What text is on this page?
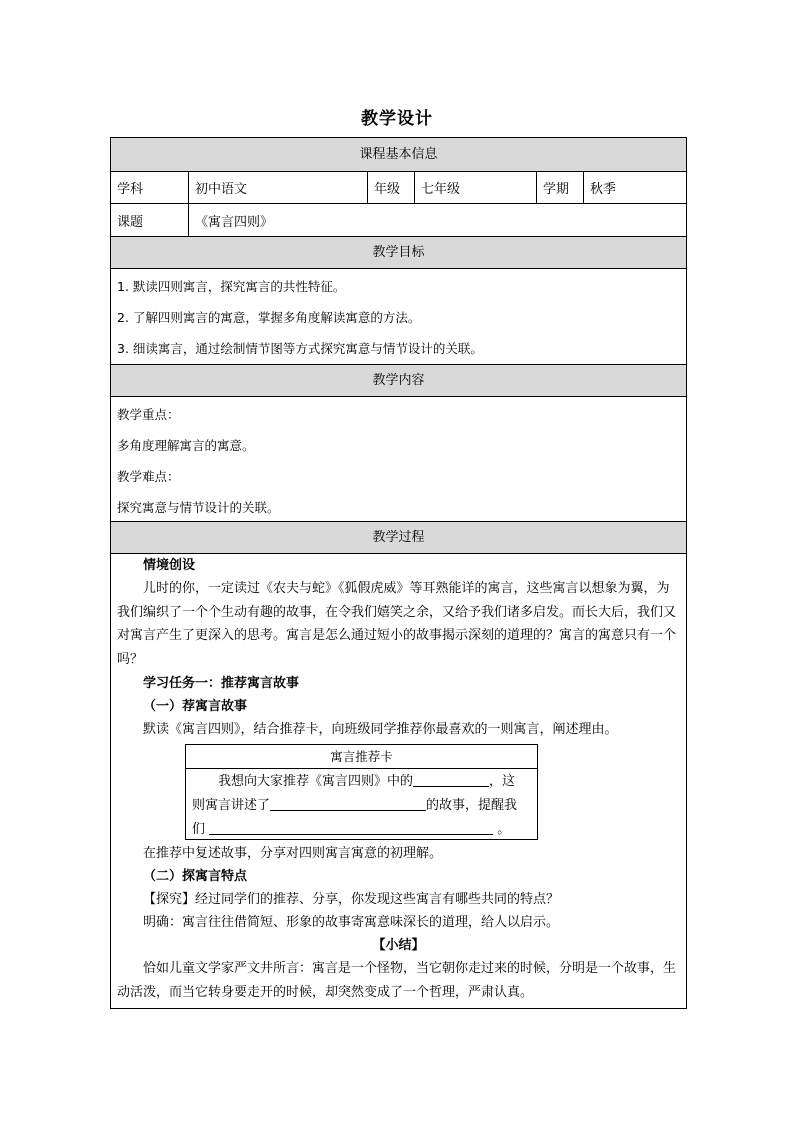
教学设计
课程基本信息
学科	初中语文	年级	七年级	学期	秋季
课题	《寓言四则》
教学目标
1. 默读四则寓言，探究寓言的共性特征。
2. 了解四则寓言的寓意，掌握多角度解读寓意的方法。
3. 细读寓言，通过绘制情节图等方式探究寓意与情节设计的关联。
教学内容
教学重点：
多角度理解寓言的寓意。
教学难点：
探究寓意与情节设计的关联。
教学过程
情境创设
儿时的你，一定读过《农夫与蛇》《狐假虎威》等耳熟能详的寓言，这些寓言以想象为翼，为我们编织了一个个生动有趣的故事，在令我们嬉笑之余，又给予我们诸多启发。而长大后，我们又对寓言产生了更深入的思考。寓言是怎么通过短小的故事揭示深刻的道理的？寓言的寓意只有一个吗？
学习任务一：推荐寓言故事
（一）荐寓言故事
默读《寓言四则》，结合推荐卡，向班级同学推荐你最喜欢的一则寓言，阐述理由。
寓言推荐卡
我想向大家推荐《寓言四则》中的	，这
则寓言讲述了	的故事，提醒我
们	。
在推荐中复述故事，分享对四则寓言寓意的初理解。
（二）探寓言特点
【探究】经过同学们的推荐、分享，你发现这些寓言有哪些共同的特点？
明确：寓言往往借简短、形象的故事寄寓意味深长的道理，给人以启示。
【小结】
恰如儿童文学家严文井所言：寓言是一个怪物，当它朝你走过来的时候，分明是一个故事，生动活泼，而当它转身要走开的时候，却突然变成了一个哲理，严肃认真。
